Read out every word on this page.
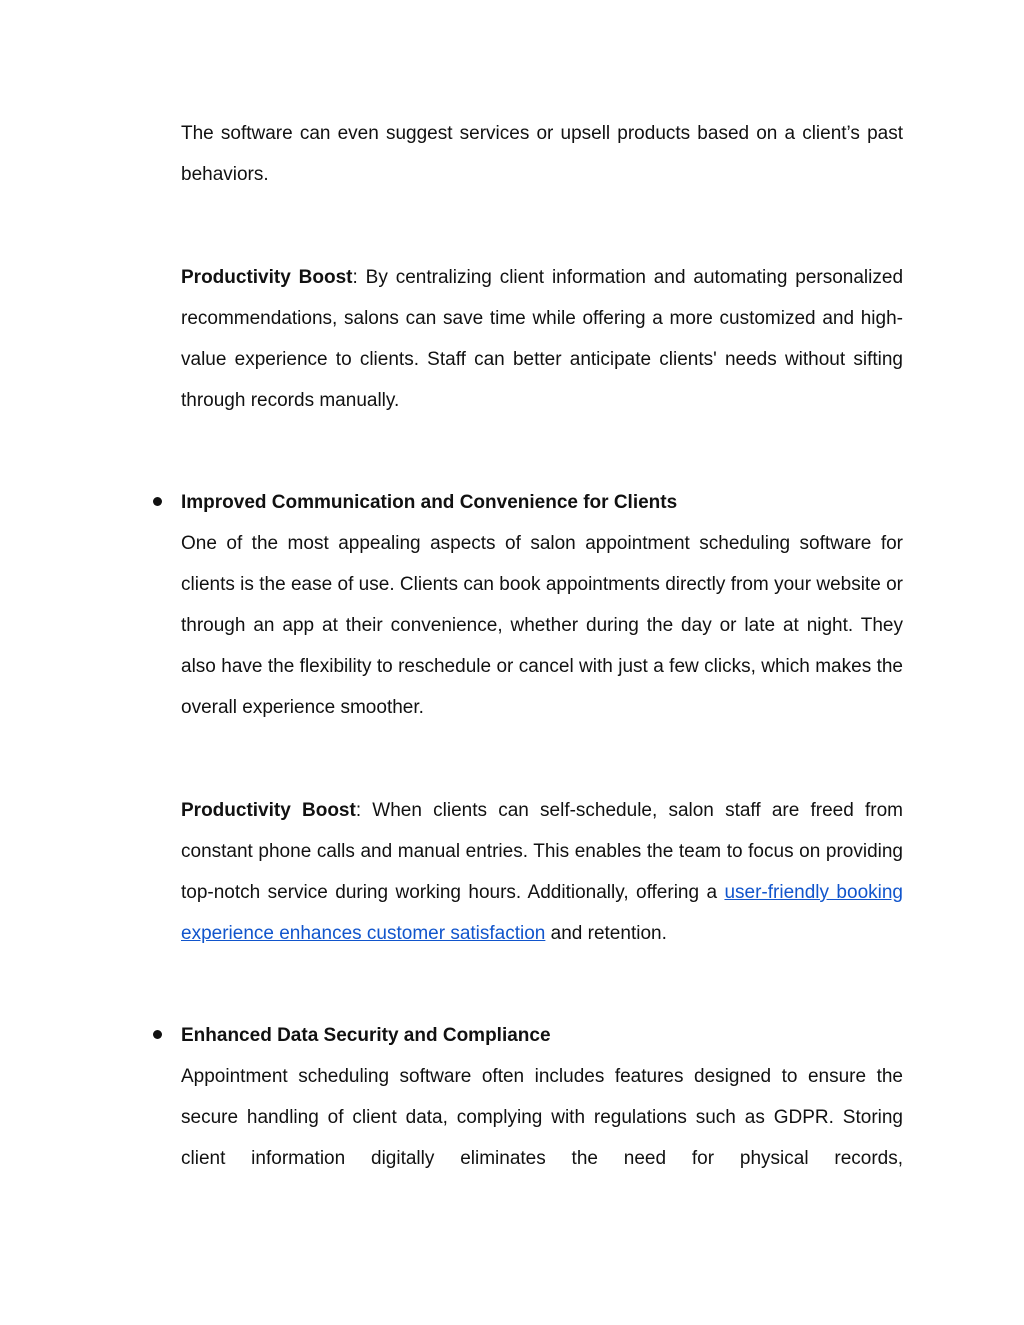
The software can even suggest services or upsell products based on a client’s past behaviors.

Productivity Boost: By centralizing client information and automating personalized recommendations, salons can save time while offering a more customized and high-value experience to clients. Staff can better anticipate clients' needs without sifting through records manually.

Improved Communication and Convenience for Clients

One of the most appealing aspects of salon appointment scheduling software for clients is the ease of use. Clients can book appointments directly from your website or through an app at their convenience, whether during the day or late at night. They also have the flexibility to reschedule or cancel with just a few clicks, which makes the overall experience smoother.

Productivity Boost: When clients can self-schedule, salon staff are freed from constant phone calls and manual entries. This enables the team to focus on providing top-notch service during working hours. Additionally, offering a user-friendly booking experience enhances customer satisfaction and retention.

Enhanced Data Security and Compliance

Appointment scheduling software often includes features designed to ensure the secure handling of client data, complying with regulations such as GDPR. Storing client information digitally eliminates the need for physical records,
